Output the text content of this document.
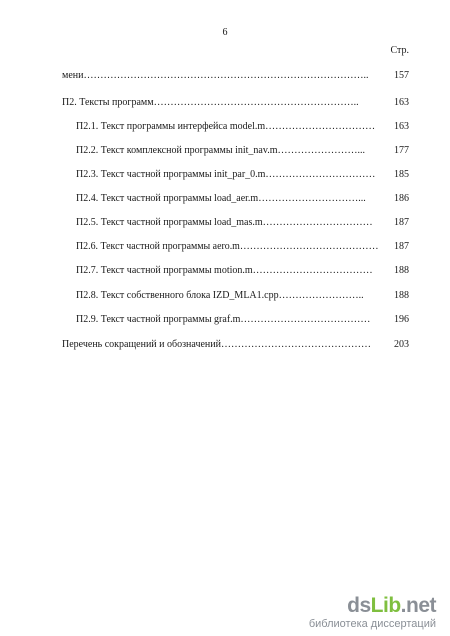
6
Стр.
мени…………………………………………………………………………..	157
П2. Тексты программ……………………………………………………..	163
П2.1. Текст программы интерфейса model.m…………………………… 163
П2.2. Текст комплексной программы init_nav.m……………………...	177
П2.3. Текст частной программы init_par_0.m…………………………… 185
П2.4. Текст частной программы load_aer.m…………………………...	186
П2.5. Текст частной программы load_mas.m…………………………… 187
П2.6. Текст частной программы aero.m…………………………………… 187
П2.7. Текст частной программы motion.m……………………………… 188
П2.8. Текст собственного блока IZD_MLA1.cpp……………………..	188
П2.9. Текст частной программы graf.m………………………………… 196
Перечень сокращений и обозначений……………………………………… 203
dsLib.net
библиотека диссертаций
